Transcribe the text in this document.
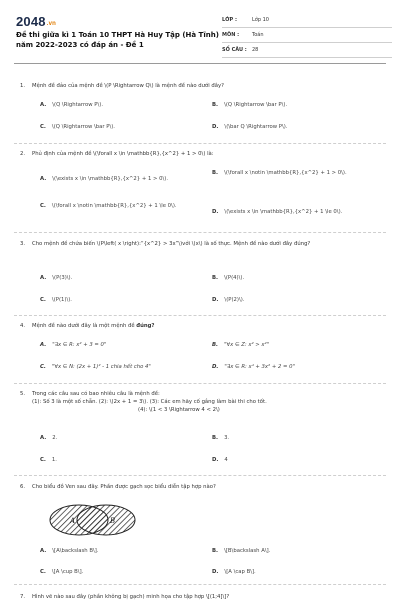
2048.vn
Đề thi giữa kì 1 Toán 10 THPT Hà Huy Tập (Hà Tĩnh) năm 2022-2023 có đáp án - Đề 1
LỚP :	Lớp 10
MÔN :	Toán
SỐ CÂU :	28
1. Mệnh đề đảo của mệnh đề \(P \Rightarrow Q\) là mệnh đề nào dưới đây?
A. \(Q \Rightarrow P\).	B. \(Q \Rightarrow \bar P\).
C. \(Q \Rightarrow \bar P\).	D. \(\bar Q \Rightarrow P\).
2. Phủ định của mệnh đề \(\forall x \in \mathbb{R},{x^2} + 1 > 0\) là:
A. \(\exists x \in \mathbb{R},{x^2} + 1 > 0\).
B. \(\forall x \notin \mathbb{R},{x^2} + 1 > 0\).
C. \(\forall x \notin \mathbb{R},{x^2} + 1 \le 0\).
D. \(\exists x \in \mathbb{R},{x^2} + 1 \le 0\).
3. Cho mệnh đề chứa biến \(P\left( x \right):“{x^2} > 3x”\)với \(x\) là số thực. Mệnh đề nào dưới đây đúng?
A. \(P(3)\).	B. \(P(4)\).
C. \(P(1)\).	D. \(P(2)\).
4. Mệnh đề nào dưới đây là một mệnh đề đúng?
A. "∃x ∈ R: x² + 3 = 0"	B. "∀x ∈ Z: x² > x²"
C. "∀x ∈ N: (2x + 1)² - 1 chia hết cho 4"	D. "∃x ∈ R: x⁴ + 3x² + 2 = 0"
5. Trong các câu sau có bao nhiêu câu là mệnh đề:
(1): Số 3 là một số chẵn. (2): \(2x + 1 = 3\). (3): Các em hãy cố gắng làm bài thi cho tốt.
(4): \(1 < 3 \Rightarrow 4 < 2\)
A. 2.	B. 3.
C. 1.	D. 4
6. Cho biểu đồ Ven sau đây. Phần được gạch sọc biểu diễn tập hợp nào?
A	B
A. \[A\backslash B\].	B. \[B\backslash A\].
C. \[A \cup B\].	D. \[A \cap B\].
7. Hình vẽ nào sau đây (phần không bị gạch) minh họa cho tập hợp \[(1;4]\]?
